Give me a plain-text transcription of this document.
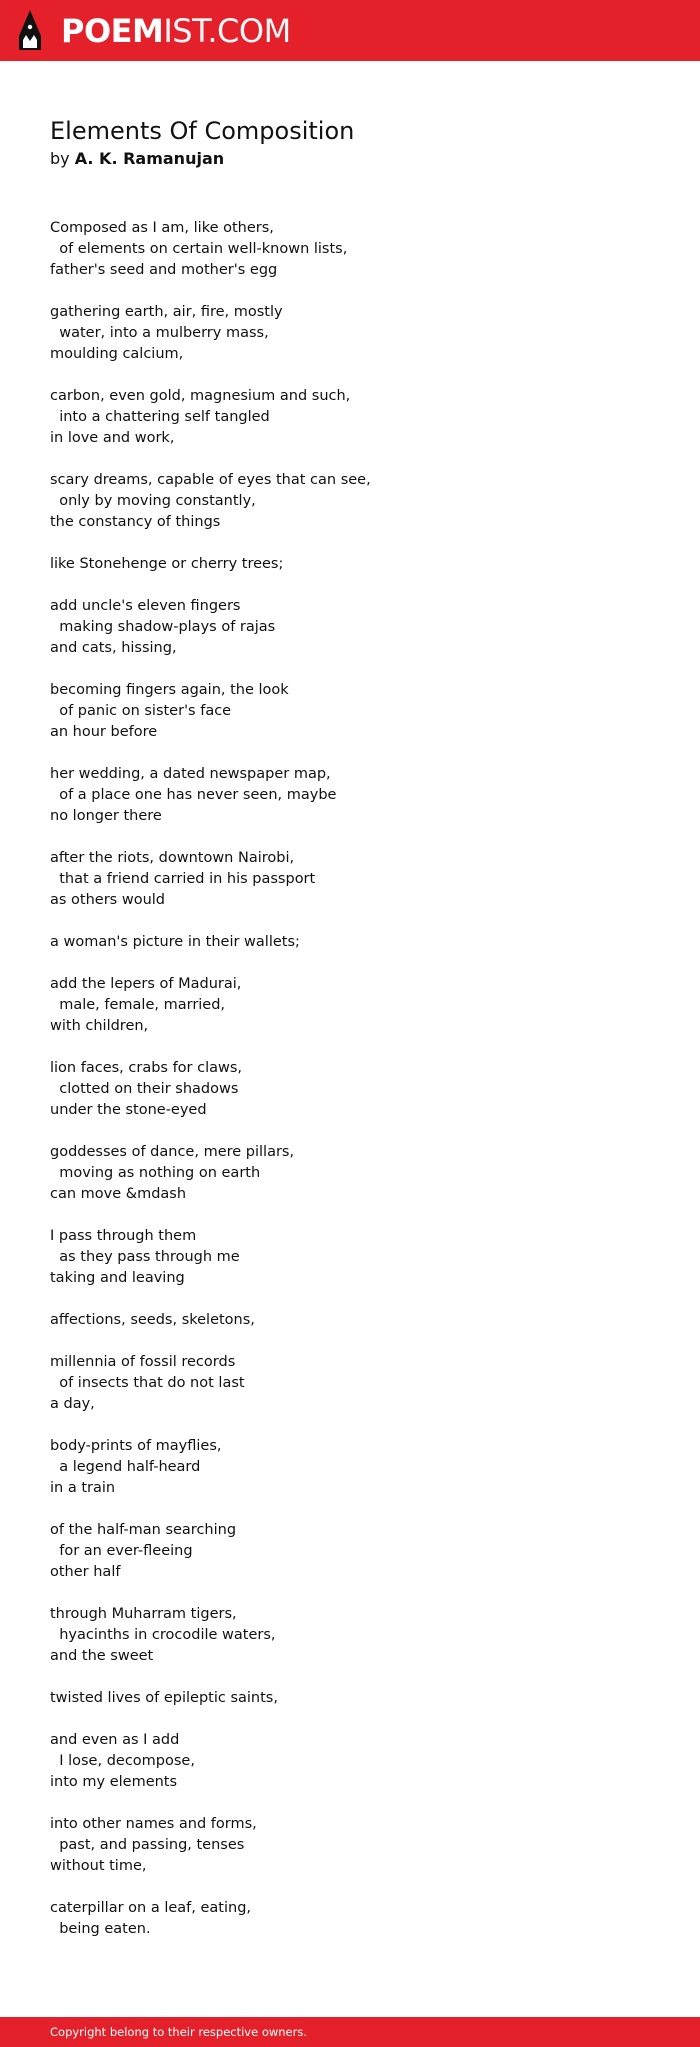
POEMIST.COM
Elements Of Composition
by A. K. Ramanujan
Composed as I am, like others,
of elements on certain well-known lists,
father's seed and mother's egg
gathering earth, air, fire, mostly
water, into a mulberry mass,
moulding calcium,
carbon, even gold, magnesium and such,
into a chattering self tangled
in love and work,
scary dreams, capable of eyes that can see,
only by moving constantly,
the constancy of things
like Stonehenge or cherry trees;
add uncle's eleven fingers
making shadow-plays of rajas
and cats, hissing,
becoming fingers again, the look
of panic on sister's face
an hour before
her wedding, a dated newspaper map,
of a place one has never seen, maybe
no longer there
after the riots, downtown Nairobi,
that a friend carried in his passport
as others would
a woman's picture in their wallets;
add the lepers of Madurai,
male, female, married,
with children,
lion faces, crabs for claws,
clotted on their shadows
under the stone-eyed
goddesses of dance, mere pillars,
moving as nothing on earth
can move &mdash
I pass through them
as they pass through me
taking and leaving
affections, seeds, skeletons,
millennia of fossil records
of insects that do not last
a day,
body-prints of mayflies,
a legend half-heard
in a train
of the half-man searching
for an ever-fleeing
other half
through Muharram tigers,
hyacinths in crocodile waters,
and the sweet
twisted lives of epileptic saints,
and even as I add
I lose, decompose,
into my elements
into other names and forms,
past, and passing, tenses
without time,
caterpillar on a leaf, eating,
being eaten.
Copyright belong to their respective owners.
